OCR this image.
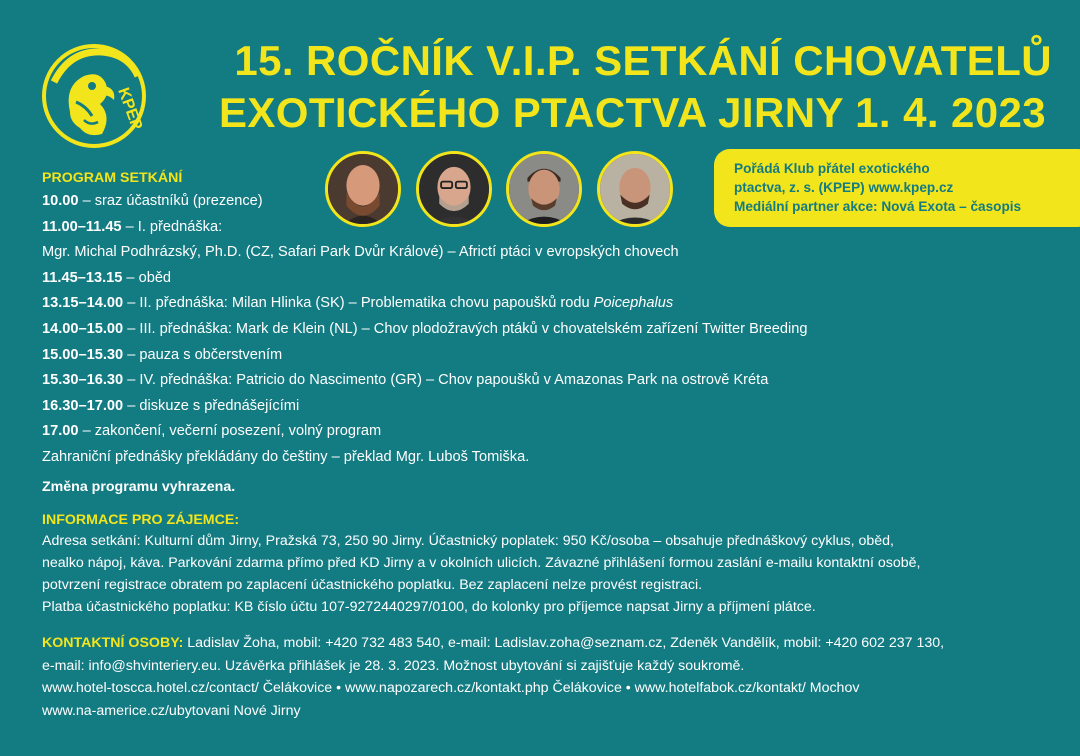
KPEP
15. ROČNÍK V.I.P. SETKÁNÍ CHOVATELŮ
EXOTICKÉHO PTACTVA JIRNY 1. 4. 2023
Pořádá Klub přátel exotického
ptactva, z. s. (KPEP) www.kpep.cz
Mediální partner akce: Nová Exota – časopis
PROGRAM SETKÁNÍ
10.00 – sraz účastníků (prezence)
11.00–11.45 – I. přednáška:
Mgr. Michal Podhrázský, Ph.D. (CZ, Safari Park Dvůr Králové) – Africtí ptáci v evropských chovech
11.45–13.15 – oběd
13.15–14.00 – II. přednáška: Milan Hlinka (SK) – Problematika chovu papoušků rodu Poicephalus
14.00–15.00 – III. přednáška: Mark de Klein (NL) – Chov plodožravých ptáků v chovatelském zařízení Twitter Breeding
15.00–15.30 – pauza s občerstvením
15.30–16.30 – IV. přednáška: Patricio do Nascimento (GR) – Chov papoušků v Amazonas Park na ostrově Kréta
16.30–17.00 – diskuze s přednášejícími
17.00 – zakončení, večerní posezení, volný program
Zahraniční přednášky překládány do češtiny – překlad Mgr. Luboš Tomiška.
Změna programu vyhrazena.
INFORMACE PRO ZÁJEMCE:
Adresa setkání: Kulturní dům Jirny, Pražská 73, 250 90 Jirny. Účastnický poplatek: 950 Kč/osoba – obsahuje přednáškový cyklus, oběd,
nealko nápoj, káva. Parkování zdarma přímo před KD Jirny a v okolních ulicích. Závazné přihlášení formou zaslání e-mailu kontaktní osobě,
potvrzení registrace obratem po zaplacení účastnického poplatku. Bez zaplacení nelze provést registraci.
Platba účastnického poplatku: KB číslo účtu 107-9272440297/0100, do kolonky pro příjemce napsat Jirny a příjmení plátce.
KONTAKTNÍ OSOBY: Ladislav Žoha, mobil: +420 732 483 540, e-mail: Ladislav.zoha@seznam.cz, Zdeněk Vandělík, mobil: +420 602 237 130,
e-mail: info@shvinteriery.eu. Uzávěrka přihlášek je 28. 3. 2023. Možnost ubytování si zajišťuje každý soukromě.
www.hotel-toscca.hotel.cz/contact/ Čelákovice • www.napozarech.cz/kontakt.php Čelákovice • www.hotelfabok.cz/kontakt/ Mochov
www.na-americe.cz/ubytovani Nové Jirny
